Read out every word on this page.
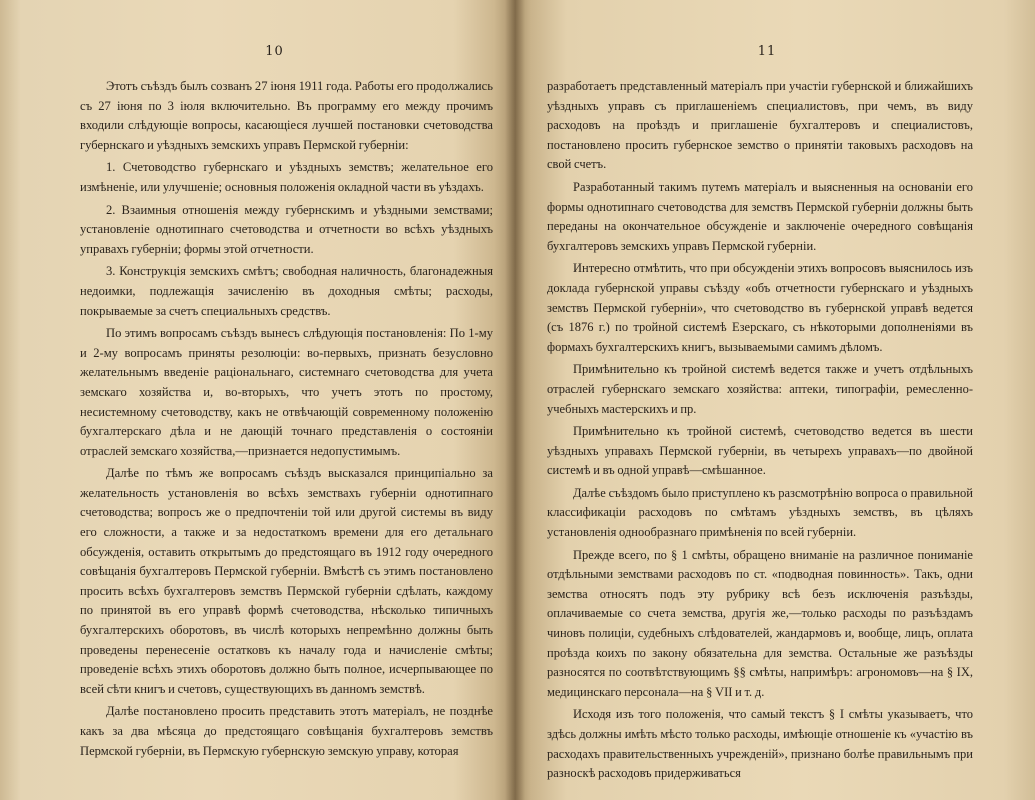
10

Этотъ съѣздъ былъ созванъ 27 іюня 1911 года. Работы его продолжались съ 27 іюня по 3 іюля включительно. Въ программу его между прочимъ входили слѣдующіе вопросы, касающіеся лучшей постановки счетоводства губернскаго и уѣздныхъ земскихъ управъ Пермской губерніи:

1. Счетоводство губернскаго и уѣздныхъ земствъ; желательное его измѣненіе, или улучшеніе; основныя положенія окладной части въ уѣздахъ.

2. Взаимныя отношенія между губернскимъ и уѣздными земствами; установленіе однотипнаго счетоводства и отчетности во всѣхъ уѣздныхъ управахъ губерніи; формы этой отчетности.

3. Конструкція земскихъ смѣтъ; свободная наличность, благонадежныя недоимки, подлежащія зачисленію въ доходныя смѣты; расходы, покрываемые за счетъ специальныхъ средствъ.

По этимъ вопросамъ съѣздъ вынесъ слѣдующія постановленія: По 1-му и 2-му вопросамъ приняты резолюціи: во-первыхъ, признать безусловно желательнымъ введеніе раціональнаго, системнаго счетоводства для учета земскаго хозяйства и, во-вторыхъ, что учетъ этотъ по простому, несистемному счетоводству, какъ не отвѣчающій современному положенію бухгалтерскаго дѣла и не дающій точнаго представленія о состояніи отраслей земскаго хозяйства,—признается недопустимымъ.

Далѣе по тѣмъ же вопросамъ съѣздъ высказался принципіально за желательность установленія во всѣхъ земствахъ губерніи однотипнаго счетоводства; вопросъ же о предпочтеніи той или другой системы въ виду его сложности, а также и за недостаткомъ времени для его детальнаго обсужденія, оставить открытымъ до предстоящаго въ 1912 году очередного совѣщанія бухгалтеровъ Пермской губерніи. Вмѣстѣ съ этимъ постановлено просить всѣхъ бухгалтеровъ земствъ Пермской губерніи сдѣлать, каждому по принятой въ его управѣ формѣ счетоводства, нѣсколько типичныхъ бухгалтерскихъ оборотовъ, въ числѣ которыхъ непремѣнно должны быть проведены перенесеніе остатковъ къ началу года и начисленіе смѣты; проведеніе всѣхъ этихъ оборотовъ должно быть полное, исчерпывающее по всей сѣти книгъ и счетовъ, существующихъ въ данномъ земствѣ.

Далѣе постановлено просить представить этотъ матеріалъ, не позднѣе какъ за два мѣсяца до предстоящаго совѣщанія бухгалтеровъ земствъ Пермской губерніи, въ Пермскую губернскую земскую управу, которая

11

разработаетъ представленный матеріалъ при участіи губернской и ближайшихъ уѣздныхъ управъ съ приглашеніемъ специалистовъ, при чемъ, въ виду расходовъ на проѣздъ и приглашеніе бухгалтеровъ и специалистовъ, постановлено просить губернское земство о принятіи таковыхъ расходовъ на свой счетъ.

Разработанный такимъ путемъ матеріалъ и выясненныя на основаніи его формы однотипнаго счетоводства для земствъ Пермской губерніи должны быть переданы на окончательное обсужденіе и заключеніе очередного совѣщанія бухгалтеровъ земскихъ управъ Пермской губерніи.

Интересно отмѣтить, что при обсужденіи этихъ вопросовъ выяснилось изъ доклада губернской управы съѣзду «объ отчетности губернскаго и уѣздныхъ земствъ Пермской губерніи», что счетоводство въ губернской управѣ ведется (съ 1876 г.) по тройной системѣ Езерскаго, съ нѣкоторыми дополненіями въ формахъ бухгалтерскихъ книгъ, вызываемыми самимъ дѣломъ.

Примѣнительно къ тройной системѣ ведется также и учетъ отдѣльныхъ отраслей губернскаго земскаго хозяйства: аптеки, типографіи, ремесленно-учебныхъ мастерскихъ и пр.

Примѣнительно къ тройной системѣ, счетоводство ведется въ шести уѣздныхъ управахъ Пермской губерніи, въ четырехъ управахъ—по двойной системѣ и въ одной управѣ—смѣшанное.

Далѣе съѣздомъ было приступлено къ разсмотрѣнію вопроса о правильной классификаціи расходовъ по смѣтамъ уѣздныхъ земствъ, въ цѣляхъ установленія однообразнаго примѣненія по всей губерніи.

Прежде всего, по § 1 смѣты, обращено вниманіе на различное пониманіе отдѣльными земствами расходовъ по ст. «подводная повинность». Такъ, одни земства относятъ подъ эту рубрику всѣ безъ исключенія разъѣзды, оплачиваемые со счета земства, другія же,—только расходы по разъѣздамъ чиновъ полиціи, судебныхъ слѣдователей, жандармовъ и, вообще, лицъ, оплата проѣзда коихъ по закону обязательна для земства. Остальные же разъѣзды разносятся по соотвѣтствующимъ §§ смѣты, напримѣръ: агрономовъ—на § IX, медицинскаго персонала—на § VII и т. д.

Исходя изъ того положенія, что самый текстъ § I смѣты указываетъ, что здѣсь должны имѣть мѣсто только расходы, имѣющіе отношеніе къ «участію въ расходахъ правительственныхъ учрежденій», признано болѣе правильнымъ при разноскѣ расходовъ придерживаться
